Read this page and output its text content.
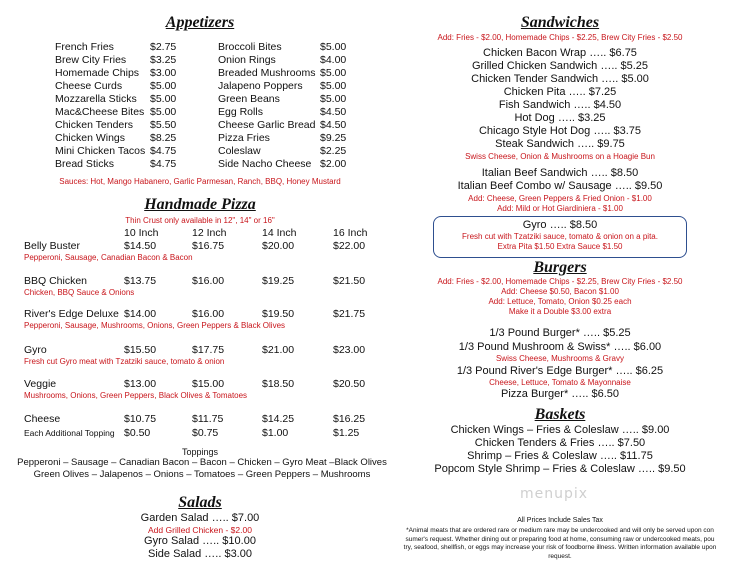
Appetizers
French Fries	$2.75
Brew City Fries $3.25
Homemade Chips $3.00
Cheese Curds	$5.00
Mozzarella Sticks $5.00
Mac&Cheese Bites $5.00
Chicken Tenders $5.50
Chicken Wings $8.25
Mini Chicken Tacos $4.75
Bread Sticks	$4.75
Broccoli Bites	$5.00
Onion Rings	$4.00
Breaded Mushrooms $5.00
Jalapeno Poppers $5.00
Green Beans	$5.00
Egg Rolls	$4.50
Cheese Garlic Bread $4.50
Pizza Fries	$9.25
Coleslaw	$2.25
Side Nacho Cheese $2.00
Sauces: Hot, Mango Habanero, Garlic Parmesan, Ranch, BBQ, Honey Mustard
Handmade Pizza
Thin Crust only available in 12", 14" or 16"
10 Inch	12 Inch	14 Inch	16 Inch
Belly Buster	$14.50	$16.75	$20.00	$22.00
Pepperoni, Sausage, Canadian Bacon & Bacon
BBQ Chicken	$13.75	$16.00	$19.25	$21.50
Chicken, BBQ Sauce & Onions
River's Edge Deluxe $14.00	$16.00	$19.50	$21.75
Pepperoni, Sausage, Mushrooms, Onions, Green Peppers & Black Olives
Gyro	$15.50	$17.75	$21.00	$23.00
Fresh cut Gyro meat with Tzatziki sauce, tomato & onion
Veggie	$13.00	$15.00	$18.50	$20.50
Mushrooms, Onions, Green Peppers, Black Olives & Tomatoes
Cheese	$10.75	$11.75	$14.25	$16.25
Each Additional Topping $0.50	$0.75	$1.00	$1.25
Toppings
Pepperoni – Sausage – Canadian Bacon – Bacon – Chicken – Gyro Meat –Black Olives
Green Olives – Jalapenos – Onions – Tomatoes – Green Peppers – Mushrooms
Salads
Garden Salad ….. $7.00
Add Grilled Chicken - $2.00
Gyro Salad ….. $10.00
Side Salad ….. $3.00
Sandwiches
Add: Fries - $2.00, Homemade Chips - $2.25, Brew City Fries - $2.50
Chicken Bacon Wrap ….. $6.75
Grilled Chicken Sandwich ….. $5.25
Chicken Tender Sandwich ….. $5.00
Chicken Pita ….. $7.25
Fish Sandwich ….. $4.50
Hot Dog ….. $3.25
Chicago Style Hot Dog ….. $3.75
Steak Sandwich ….. $9.75
Swiss Cheese, Onion & Mushrooms on a Hoagie Bun
Italian Beef Sandwich ….. $8.50
Italian Beef Combo w/ Sausage ….. $9.50
Add: Cheese, Green Peppers & Fried Onion - $1.00
Add: Mild or Hot Giardiniera - $1.00
Gyro ….. $8.50
Fresh cut with Tzatziki sauce, tomato & onion on a pita.
Extra Pita $1.50 Extra Sauce $1.50
Burgers
Add: Fries - $2.00, Homemade Chips - $2.25, Brew City Fries - $2.50
Add: Cheese $0.50, Bacon $1.00
Add: Lettuce, Tomato, Onion $0.25 each
Make it a Double $3.00 extra
1/3 Pound Burger* ….. $5.25
1/3 Pound Mushroom & Swiss* ….. $6.00
Swiss Cheese, Mushrooms & Gravy
1/3 Pound River's Edge Burger* ….. $6.25
Cheese, Lettuce, Tomato & Mayonnaise
Pizza Burger* ….. $6.50
Baskets
Chicken Wings – Fries & Coleslaw ….. $9.00
Chicken Tenders & Fries ….. $7.50
Shrimp – Fries & Coleslaw ….. $11.75
Popcom Style Shrimp – Fries & Coleslaw ….. $9.50
menupix
All Prices Include Sales Tax
*Animal meats that are ordered rare or medium rare may be undercooked and will only be served upon con
sumer's request. Whether dining out or preparing food at home, consuming raw or undercooked meats, pou
try, seafood, shellfish, or eggs may increase your risk of foodborne illness. Written information available upon
request.
